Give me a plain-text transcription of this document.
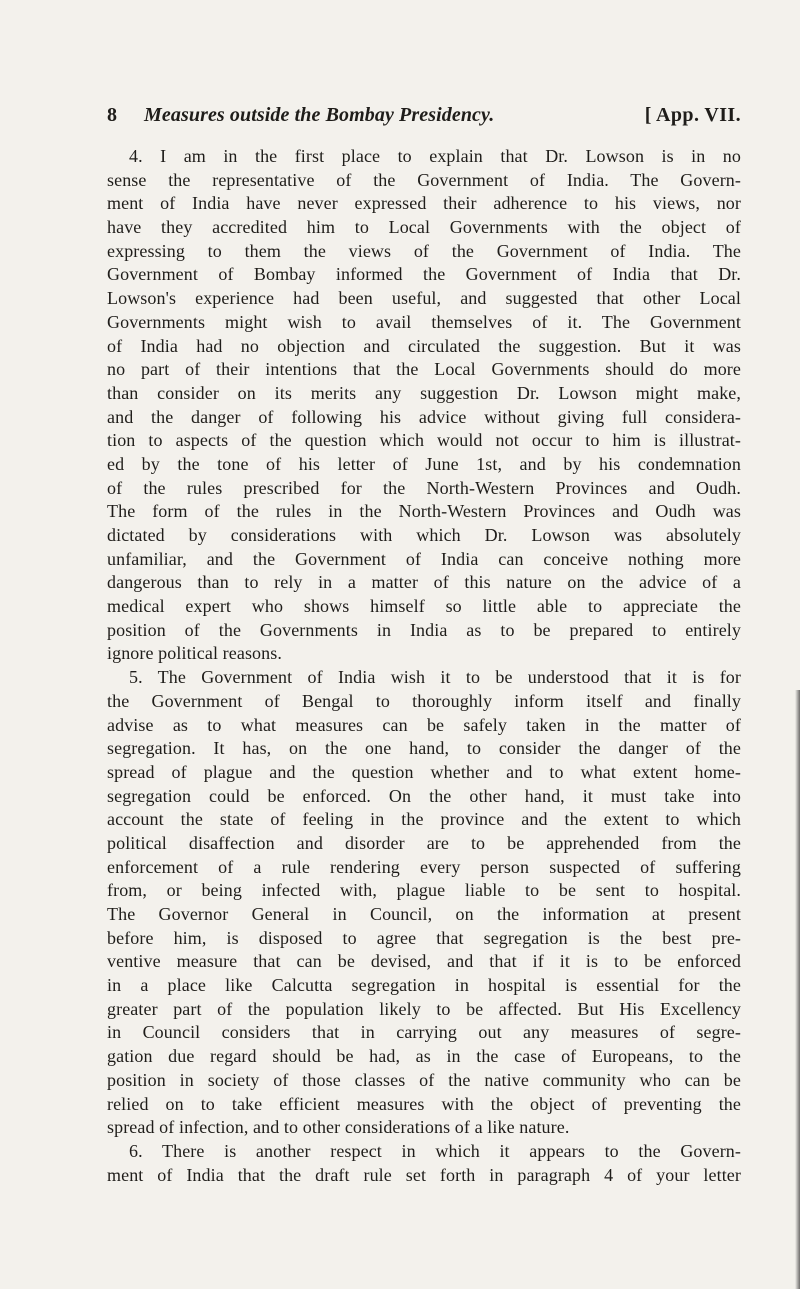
8 Measures outside the Bombay Presidency.	[ App. VII.
4. I am in the first place to explain that Dr. Lowson is in no
sense the representative of the Government of India. The Govern-
ment of India have never expressed their adherence to his views, nor
have they accredited him to Local Governments with the object of
expressing to them the views of the Government of India. The
Government of Bombay informed the Government of India that Dr.
Lowson's experience had been useful, and suggested that other Local
Governments might wish to avail themselves of it. The Government
of India had no objection and circulated the suggestion. But it was
no part of their intentions that the Local Governments should do more
than consider on its merits any suggestion Dr. Lowson might make,
and the danger of following his advice without giving full considera-
tion to aspects of the question which would not occur to him is illustrat-
ed by the tone of his letter of June 1st, and by his condemnation
of the rules prescribed for the North-Western Provinces and Oudh.
The form of the rules in the North-Western Provinces and Oudh was
dictated by considerations with which Dr. Lowson was absolutely
unfamiliar, and the Government of India can conceive nothing more
dangerous than to rely in a matter of this nature on the advice of a
medical expert who shows himself so little able to appreciate the
position of the Governments in India as to be prepared to entirely
ignore political reasons.
5. The Government of India wish it to be understood that it is for
the Government of Bengal to thoroughly inform itself and finally
advise as to what measures can be safely taken in the matter of
segregation. It has, on the one hand, to consider the danger of the
spread of plague and the question whether and to what extent home-
segregation could be enforced. On the other hand, it must take into
account the state of feeling in the province and the extent to which
political disaffection and disorder are to be apprehended from the
enforcement of a rule rendering every person suspected of suffering
from, or being infected with, plague liable to be sent to hospital.
The Governor General in Council, on the information at present
before him, is disposed to agree that segregation is the best pre-
ventive measure that can be devised, and that if it is to be enforced
in a place like Calcutta segregation in hospital is essential for the
greater part of the population likely to be affected. But His Excellency
in Council considers that in carrying out any measures of segre-
gation due regard should be had, as in the case of Europeans, to the
position in society of those classes of the native community who can be
relied on to take efficient measures with the object of preventing the
spread of infection, and to other considerations of a like nature.
6. There is another respect in which it appears to the Govern-
ment of India that the draft rule set forth in paragraph 4 of your letter
